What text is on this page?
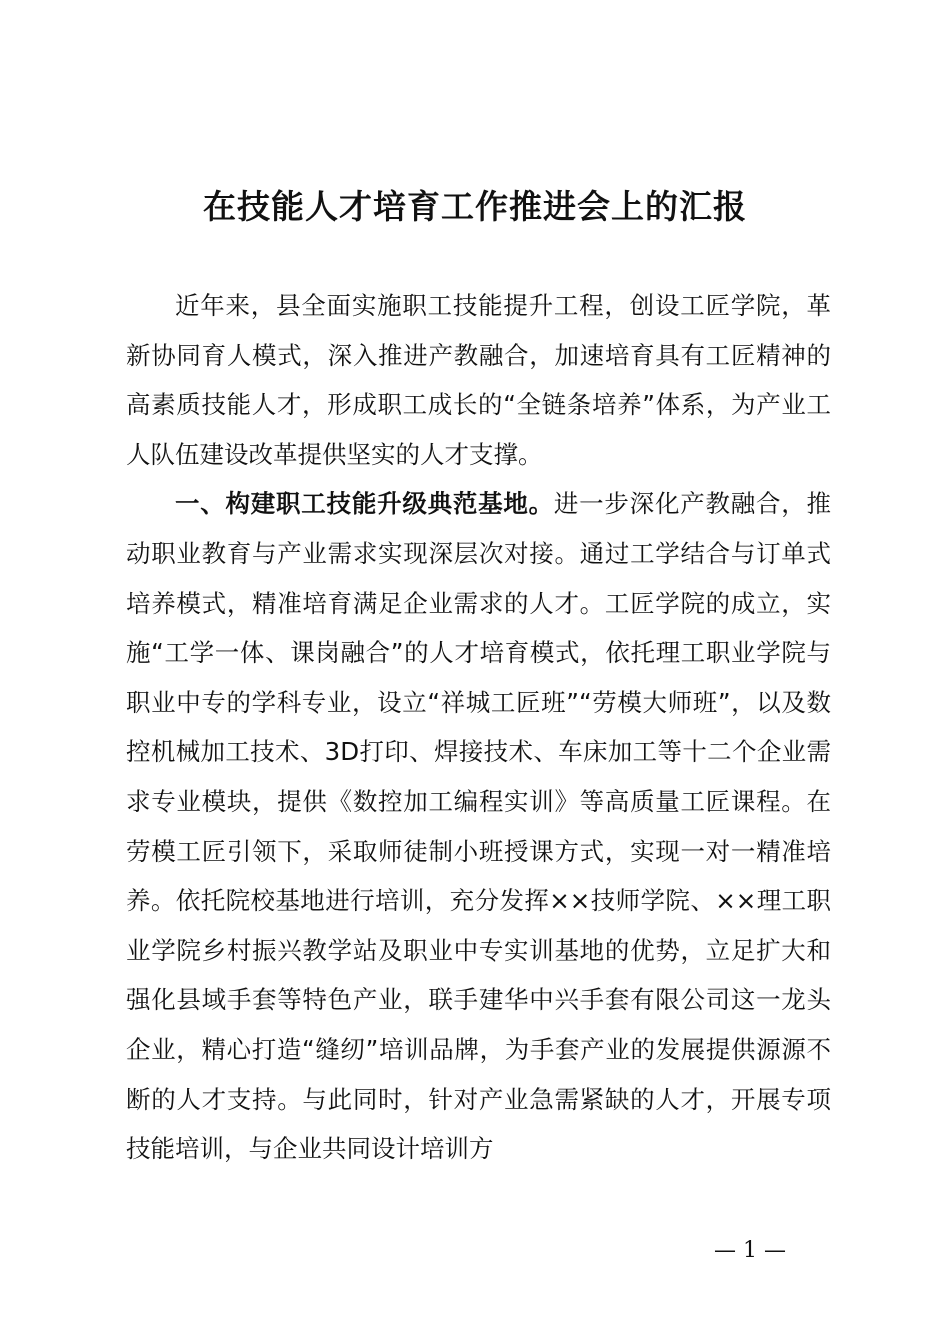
在技能人才培育工作推进会上的汇报

近年来，县全面实施职工技能提升工程，创设工匠学院，革新协同育人模式，深入推进产教融合，加速培育具有工匠精神的高素质技能人才，形成职工成长的“全链条培养”体系，为产业工人队伍建设改革提供坚实的人才支撑。

一、构建职工技能升级典范基地。进一步深化产教融合，推动职业教育与产业需求实现深层次对接。通过工学结合与订单式培养模式，精准培育满足企业需求的人才。工匠学院的成立，实施“工学一体、课岗融合”的人才培育模式，依托理工职业学院与职业中专的学科专业，设立“祥城工匠班”“劳模大师班”，以及数控机械加工技术、3D打印、焊接技术、车床加工等十二个企业需求专业模块，提供《数控加工编程实训》等高质量工匠课程。在劳模工匠引领下，采取师徒制小班授课方式，实现一对一精准培养。依托院校基地进行培训，充分发挥××技师学院、××理工职业学院乡村振兴教学站及职业中专实训基地的优势，立足扩大和强化县域手套等特色产业，联手建华中兴手套有限公司这一龙头企业，精心打造“缝纫”培训品牌，为手套产业的发展提供源源不断的人才支持。与此同时，针对产业急需紧缺的人才，开展专项技能培训，与企业共同设计培训方

— 1 —
